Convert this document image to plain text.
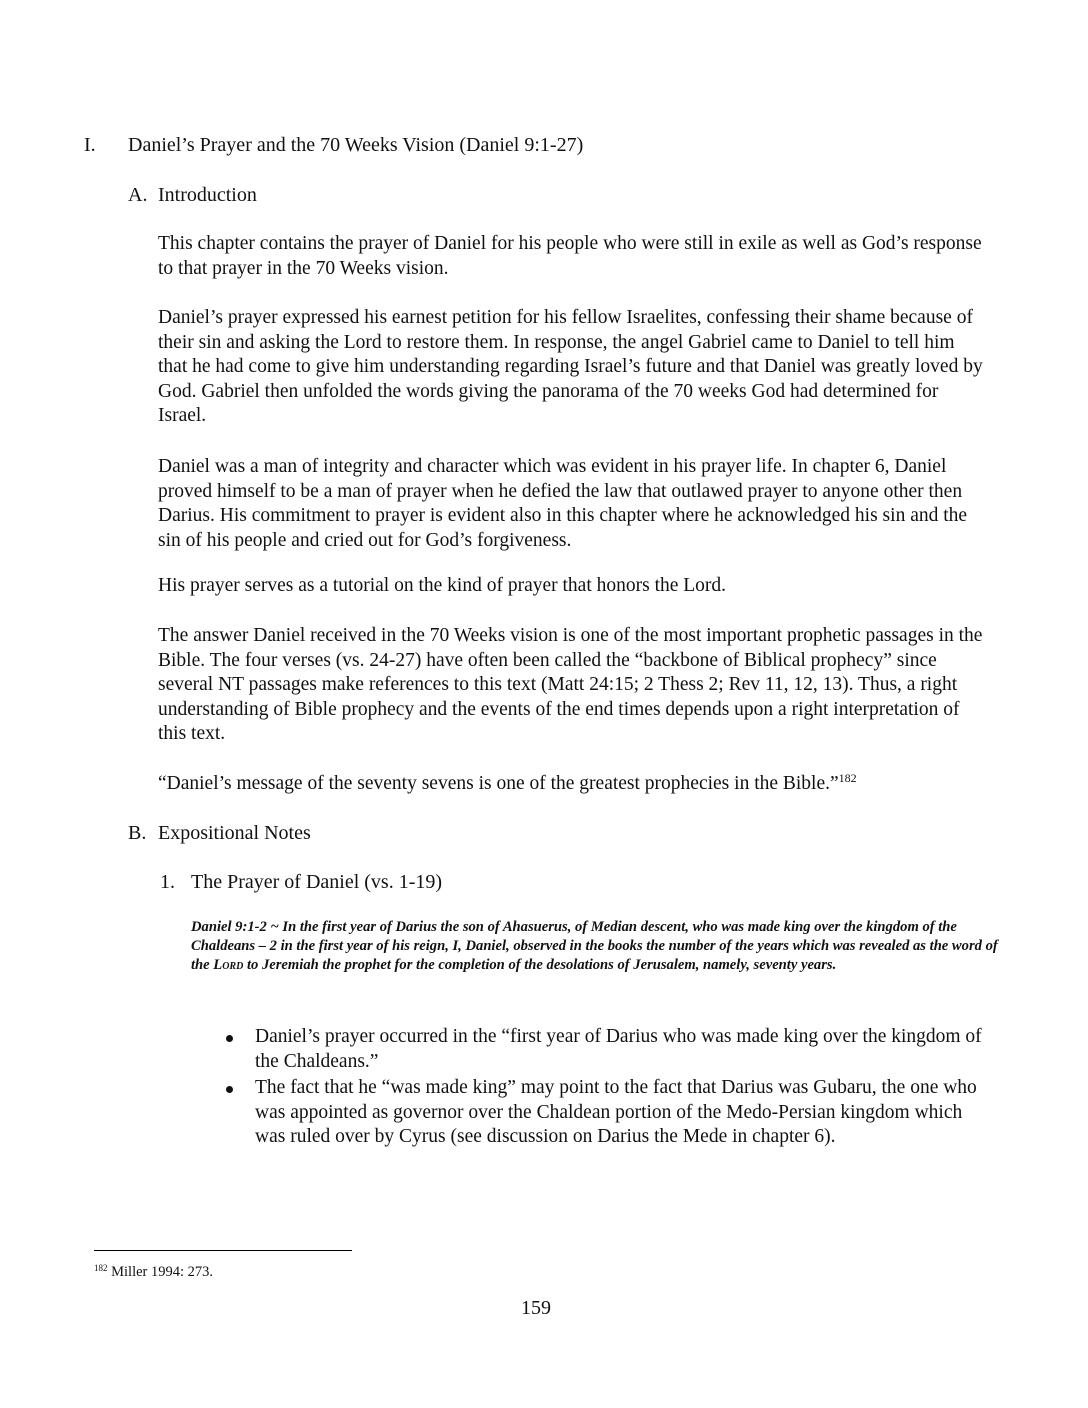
I. Daniel’s Prayer and the 70 Weeks Vision (Daniel 9:1-27)
A. Introduction
This chapter contains the prayer of Daniel for his people who were still in exile as well as God’s response to that prayer in the 70 Weeks vision.
Daniel’s prayer expressed his earnest petition for his fellow Israelites, confessing their shame because of their sin and asking the Lord to restore them. In response, the angel Gabriel came to Daniel to tell him that he had come to give him understanding regarding Israel’s future and that Daniel was greatly loved by God. Gabriel then unfolded the words giving the panorama of the 70 weeks God had determined for Israel.
Daniel was a man of integrity and character which was evident in his prayer life. In chapter 6, Daniel proved himself to be a man of prayer when he defied the law that outlawed prayer to anyone other then Darius. His commitment to prayer is evident also in this chapter where he acknowledged his sin and the sin of his people and cried out for God’s forgiveness.
His prayer serves as a tutorial on the kind of prayer that honors the Lord.
The answer Daniel received in the 70 Weeks vision is one of the most important prophetic passages in the Bible. The four verses (vs. 24-27) have often been called the “backbone of Biblical prophecy” since several NT passages make references to this text (Matt 24:15; 2 Thess 2; Rev 11, 12, 13). Thus, a right understanding of Bible prophecy and the events of the end times depends upon a right interpretation of this text.
“Daniel’s message of the seventy sevens is one of the greatest prophecies in the Bible.”$^{182}$
B. Expositional Notes
1. The Prayer of Daniel (vs. 1-19)
Daniel 9:1-2 ~ In the first year of Darius the son of Ahasuerus, of Median descent, who was made king over the kingdom of the Chaldeans – 2 in the first year of his reign, I, Daniel, observed in the books the number of the years which was revealed as the word of the Lord to Jeremiah the prophet for the completion of the desolations of Jerusalem, namely, seventy years.
Daniel’s prayer occurred in the “first year of Darius who was made king over the kingdom of the Chaldeans.”
The fact that he “was made king” may point to the fact that Darius was Gubaru, the one who was appointed as governor over the Chaldean portion of the Medo-Persian kingdom which was ruled over by Cyrus (see discussion on Darius the Mede in chapter 6).
$^{182}$ Miller 1994: 273.
159
